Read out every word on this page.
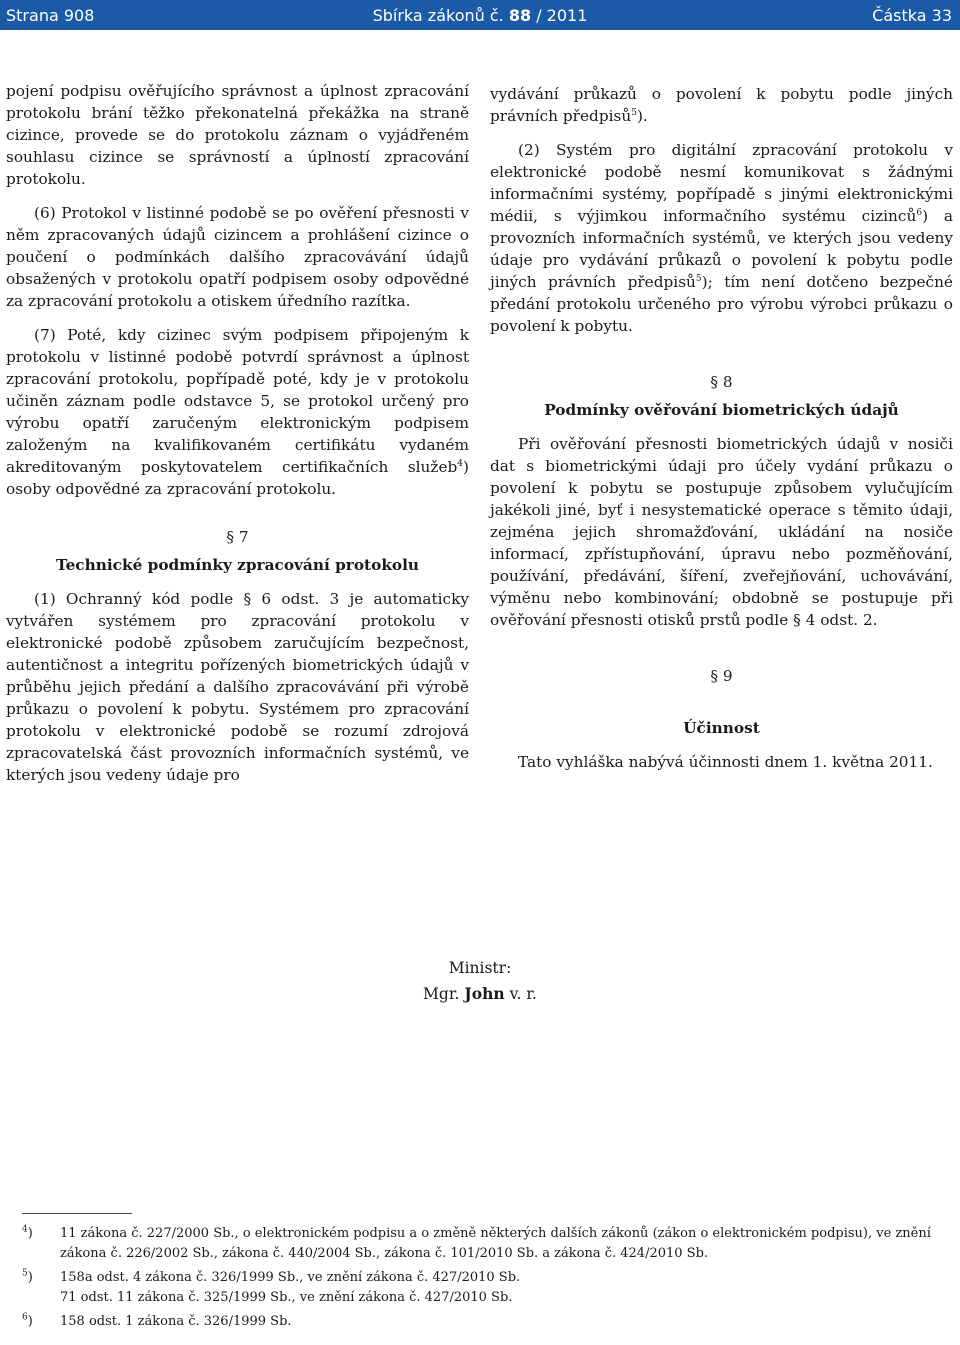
Strana 908	Sbírka zákonů č. 88 / 2011	Částka 33

pojení podpisu ověřujícího správnost a úplnost zpracování protokolu brání těžko překonatelná překážka na straně cizince, provede se do protokolu záznam o vyjádřeném souhlasu cizince se správností a úplností zpracování protokolu.

(6) Protokol v listinné podobě se po ověření přesnosti v něm zpracovaných údajů cizincem a prohlášení cizince o poučení o podmínkách dalšího zpracovávání údajů obsažených v protokolu opatří podpisem osoby odpovědné za zpracování protokolu a otiskem úředního razítka.

(7) Poté, kdy cizinec svým podpisem připojeným k protokolu v listinné podobě potvrdí správnost a úplnost zpracování protokolu, popřípadě poté, kdy je v protokolu učiněn záznam podle odstavce 5, se protokol určený pro výrobu opatří zaručeným elektronickým podpisem založeným na kvalifikovaném certifikátu vydaném akreditovaným poskytovatelem certifikačních služeb$^4$) osoby odpovědné za zpracování protokolu.

§ 7
Technické podmínky zpracování protokolu

(1) Ochranný kód podle § 6 odst. 3 je automaticky vytvářen systémem pro zpracování protokolu v elektronické podobě způsobem zaručujícím bezpečnost, autentičnost a integritu pořízených biometrických údajů v průběhu jejich předání a dalšího zpracovávání při výrobě průkazu o povolení k pobytu. Systémem pro zpracování protokolu v elektronické podobě se rozumí zdrojová zpracovatelská část provozních informačních systémů, ve kterých jsou vedeny údaje pro

vydávání průkazů o povolení k pobytu podle jiných právních předpisů$^5$).

(2) Systém pro digitální zpracování protokolu v elektronické podobě nesmí komunikovat s žádnými informačními systémy, popřípadě s jinými elektronickými médii, s výjimkou informačního systému cizinců$^6$) a provozních informačních systémů, ve kterých jsou vedeny údaje pro vydávání průkazů o povolení k pobytu podle jiných právních předpisů$^5$); tím není dotčeno bezpečné předání protokolu určeného pro výrobu výrobci průkazu o povolení k pobytu.

§ 8
Podmínky ověřování biometrických údajů

Při ověřování přesnosti biometrických údajů v nosiči dat s biometrickými údaji pro účely vydání průkazu o povolení k pobytu se postupuje způsobem vylučujícím jakékoli jiné, byť i nesystematické operace s těmito údaji, zejména jejich shromažďování, ukládání na nosiče informací, zpřístupňování, úpravu nebo pozměňování, používání, předávání, šíření, zveřejňování, uchovávání, výměnu nebo kombinování; obdobně se postupuje při ověřování přesnosti otisků prstů podle § 4 odst. 2.

§ 9
Účinnost

Tato vyhláška nabývá účinnosti dnem 1. května 2011.

Ministr:
Mgr. John v. r.
$^4$) 11 zákona č. 227/2000 Sb., o elektronickém podpisu a o změně některých dalších zákonů (zákon o elektronickém podpisu), ve znění zákona č. 226/2002 Sb., zákona č. 440/2004 Sb., zákona č. 101/2010 Sb. a zákona č. 424/2010 Sb.
$^5$) 158a odst. 4 zákona č. 326/1999 Sb., ve znění zákona č. 427/2010 Sb.
71 odst. 11 zákona č. 325/1999 Sb., ve znění zákona č. 427/2010 Sb.
$^6$) 158 odst. 1 zákona č. 326/1999 Sb.
